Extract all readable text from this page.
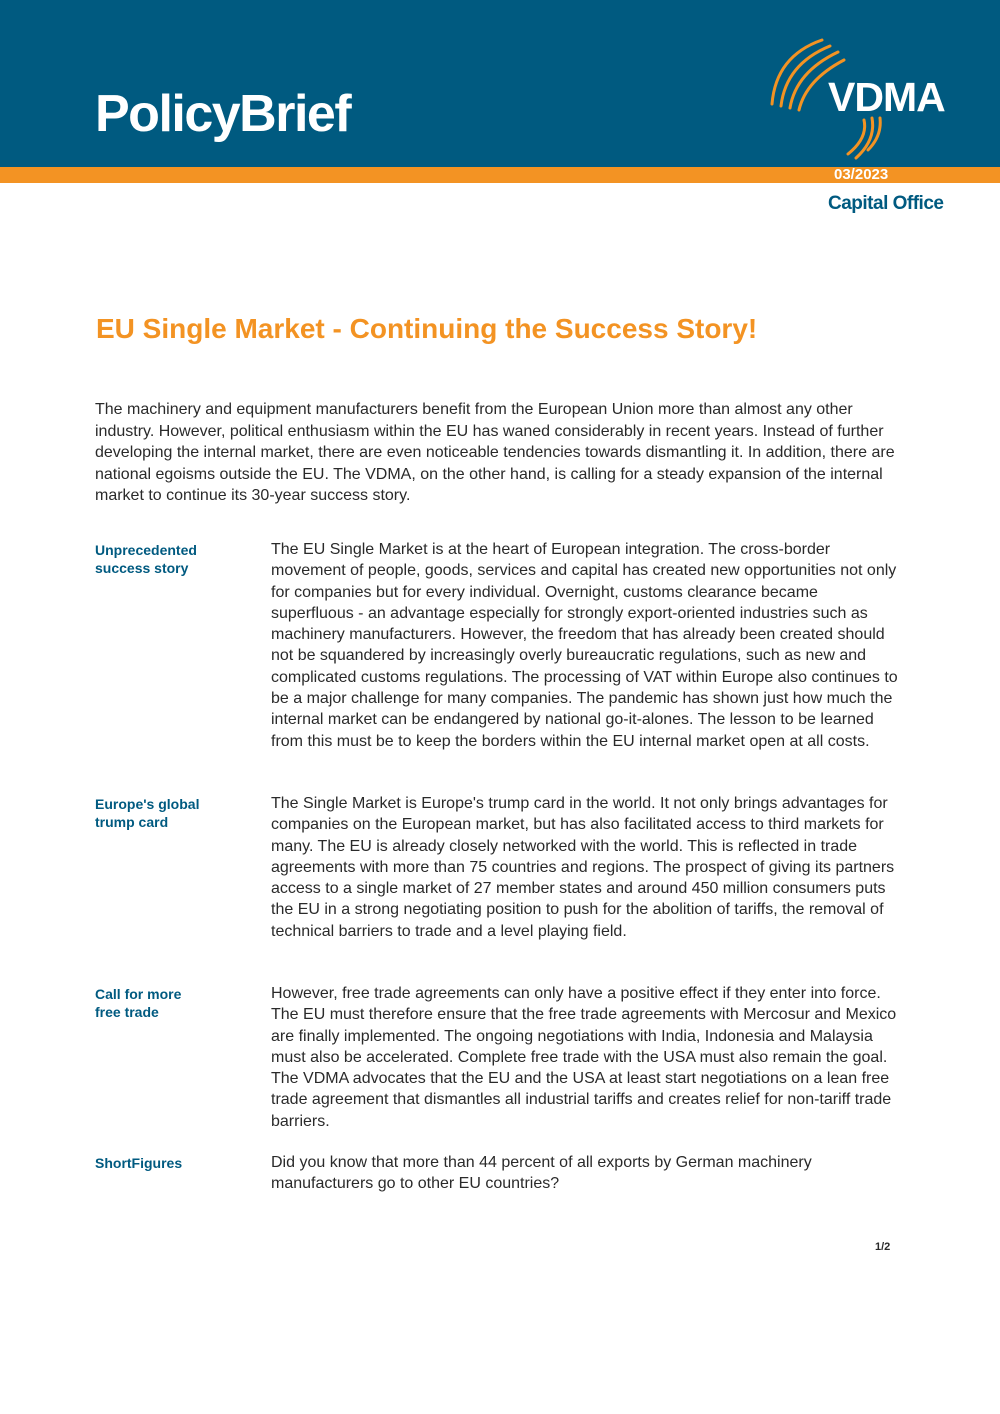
PolicyBrief	VDMA
03/2023
Capital Office
EU Single Market - Continuing the Success Story!

The machinery and equipment manufacturers benefit from the European Union more than almost any other industry. However, political enthusiasm within the EU has waned considerably in recent years. Instead of further developing the internal market, there are even noticeable tendencies towards dismantling it. In addition, there are national egoisms outside the EU. The VDMA, on the other hand, is calling for a steady expansion of the internal market to continue its 30-year success story.

Unprecedented
success story

The EU Single Market is at the heart of European integration. The cross-border movement of people, goods, services and capital has created new opportunities not only for companies but for every individual. Overnight, customs clearance became superfluous - an advantage especially for strongly export-oriented industries such as machinery manufacturers. However, the freedom that has already been created should not be squandered by increasingly overly bureaucratic regulations, such as new and complicated customs regulations. The processing of VAT within Europe also continues to be a major challenge for many companies. The pandemic has shown just how much the internal market can be endangered by national go-it-alones. The lesson to be learned from this must be to keep the borders within the EU internal market open at all costs.

Europe's global
trump card

The Single Market is Europe's trump card in the world. It not only brings advantages for companies on the European market, but has also facilitated access to third markets for many. The EU is already closely networked with the world. This is reflected in trade agreements with more than 75 countries and regions. The prospect of giving its partners access to a single market of 27 member states and around 450 million consumers puts the EU in a strong negotiating position to push for the abolition of tariffs, the removal of technical barriers to trade and a level playing field.

Call for more
free trade

However, free trade agreements can only have a positive effect if they enter into force. The EU must therefore ensure that the free trade agreements with Mercosur and Mexico are finally implemented. The ongoing negotiations with India, Indonesia and Malaysia must also be accelerated. Complete free trade with the USA must also remain the goal. The VDMA advocates that the EU and the USA at least start negotiations on a lean free trade agreement that dismantles all industrial tariffs and creates relief for non-tariff trade barriers.

ShortFigures	Did you know that more than 44 percent of all exports by German machinery manufacturers go to other EU countries?

1/2
